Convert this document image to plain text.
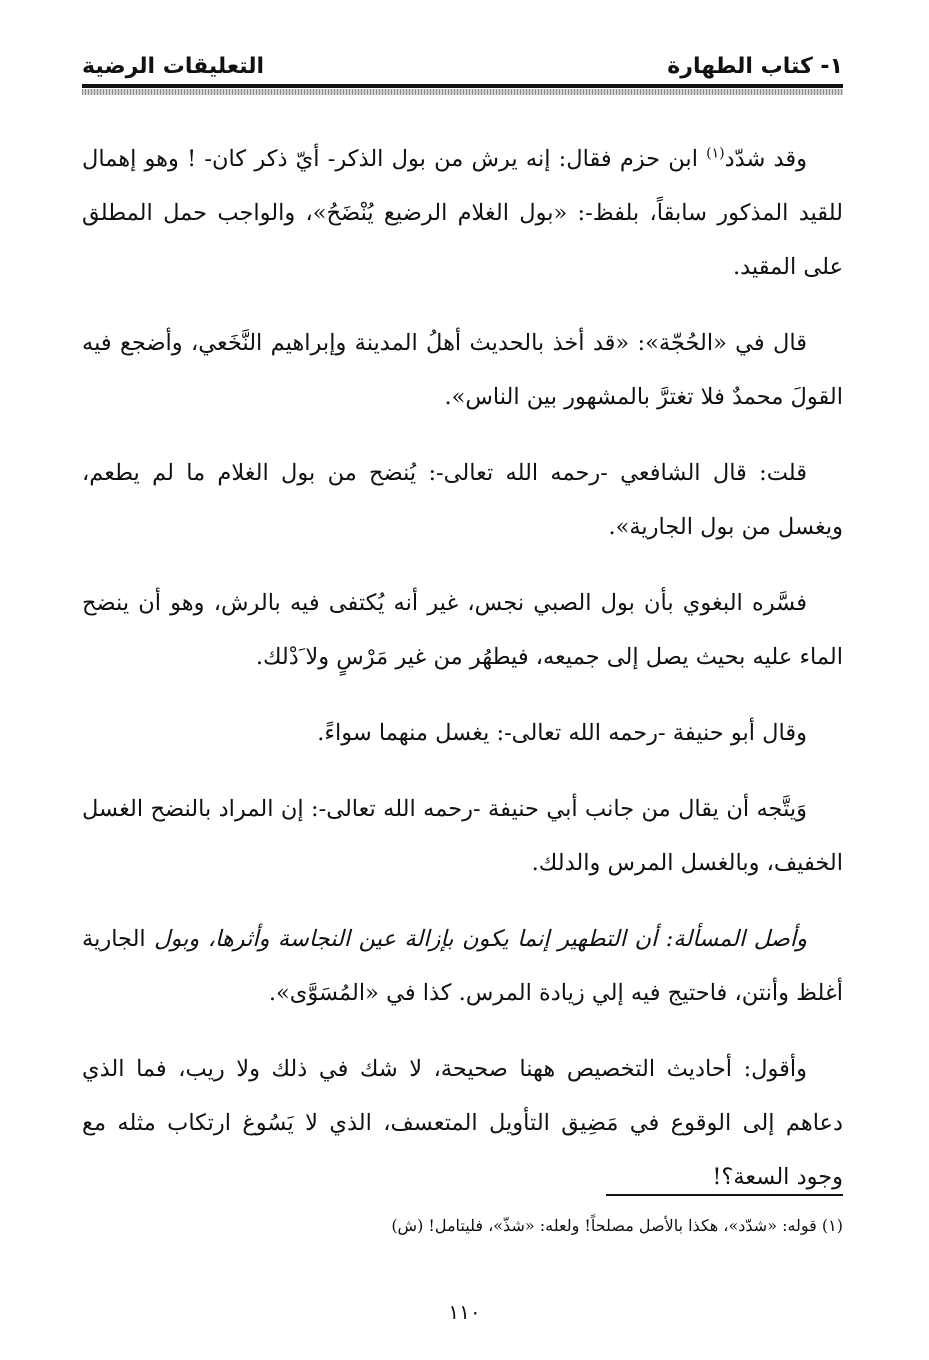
١- كتاب الطهارة
التعليقات الرضية

وقد شدّد$^{(١)}$ ابن حزم فقال: إنه يرش من بول الذكر- أيّ ذكر كان- ! وهو إهمال للقيد المذكور سابقاً، بلفظ-: «بول الغلام الرضيع يُنْضَحُ»، والواجب حمل المطلق على المقيد.

قال في «الحُجّة»: «قد أخذ بالحديث أهلُ المدينة وإبراهيم النَّخَعي، وأضجع فيه القولَ محمدٌ فلا تغترَّ بالمشهور بين الناس».

قلت: قال الشافعي -رحمه الله تعالى-: يُنضح من بول الغلام ما لم يطعم، ويغسل من بول الجارية».

فسَّره البغوي بأن بول الصبي نجس، غير أنه يُكتفى فيه بالرش، وهو أن ينضح الماء عليه بحيث يصل إلى جميعه، فيطهُر من غير مَرْسٍ ولا َدْلك.

وقال أبو حنيفة -رحمه الله تعالى-: يغسل منهما سواءً.

وَيتَّجه أن يقال من جانب أبي حنيفة -رحمه الله تعالى-: إن المراد بالنضح الغسل الخفيف، وبالغسل المرس والدلك.

وأصل المسألة: أن التطهير إنما يكون بإزالة عين النجاسة وأثرها، وبول الجارية أغلظ وأنتن، فاحتيج فيه إلي زيادة المرس. كذا في «المُسَوَّى».

وأقول: أحاديث التخصيص ههنا صحيحة، لا شك في ذلك ولا ريب، فما الذي دعاهم إلى الوقوع في مَضِيق التأويل المتعسف، الذي لا يَسُوغ ارتكاب مثله مع وجود السعة؟!

(١) قوله: «شدّد»، هكذا بالأصل مصلحاً! ولعله: «شذّ»، فليتامل! (ش)
١١٠
